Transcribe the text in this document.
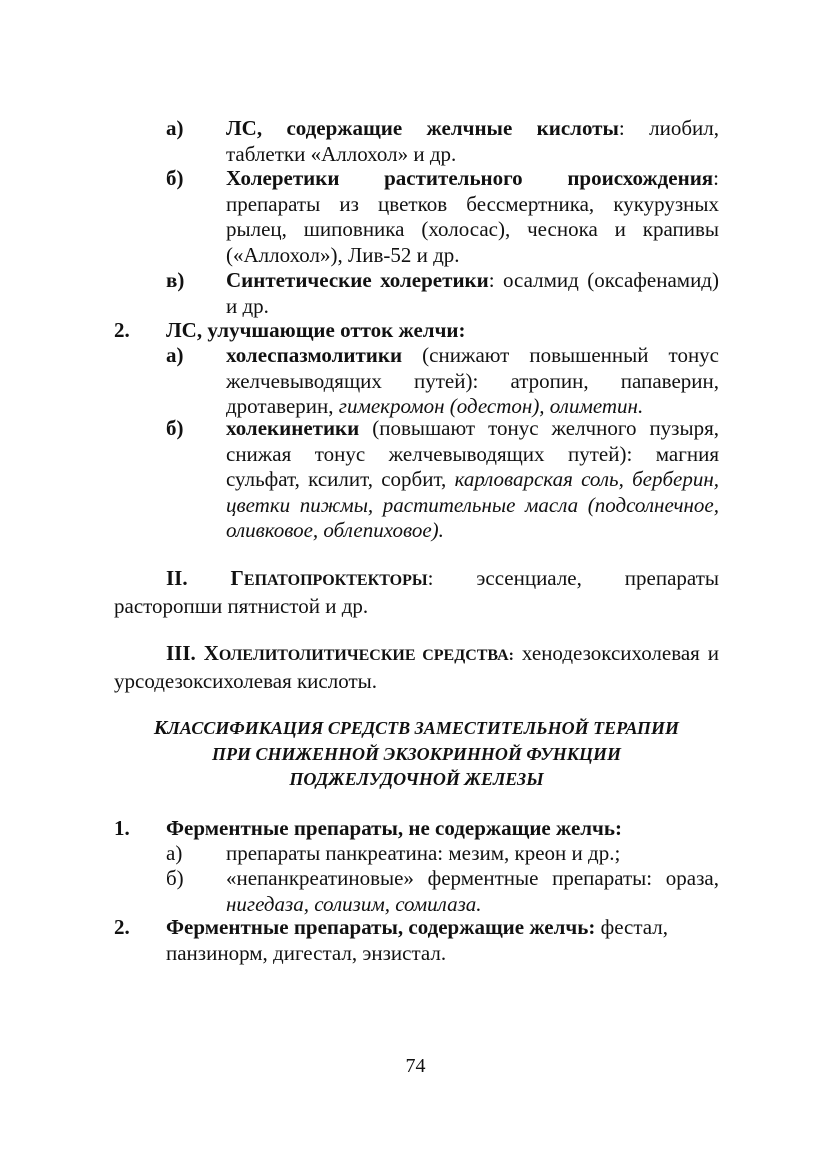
а) ЛС, содержащие желчные кислоты: лиобил, таблетки «Аллохол» и др.
б) Холеретики растительного происхождения: препараты из цветков бессмертника, кукурузных рылец, шиповника (холосас), чеснока и крапивы («Аллохол»), Лив-52 и др.
в) Синтетические холеретики: осалмид (оксафенамид) и др.
2. ЛС, улучшающие отток желчи:
а) холеспазмолитики (снижают повышенный тонус желчевыводящих путей): атропин, папаверин, дротаверин, гимекромон (одестон), олиметин.
б) холекинетики (повышают тонус желчного пузыря, снижая тонус желчевыводящих путей): магния сульфат, ксилит, сорбит, карловарская соль, берберин, цветки пижмы, растительные масла (подсолнечное, оливковое, облепиховое).
II. ГЕПАТОПРОКТЕКТОРЫ: эссенциале, препараты расторопши пятнистой и др.
III. ХОЛЕЛИТОЛИТИЧЕСКИЕ СРЕДСТВА: хенодезоксихолевая и урсодезоксихолевая кислоты.
КЛАССИФИКАЦИЯ СРЕДСТВ ЗАМЕСТИТЕЛЬНОЙ ТЕРАПИИ
ПРИ СНИЖЕННОЙ ЭКЗОКРИННОЙ ФУНКЦИИ
ПОДЖЕЛУДОЧНОЙ ЖЕЛЕЗЫ
1. Ферментные препараты, не содержащие желчь:
а) препараты панкреатина: мезим, креон и др.;
б) «непанкреатиновые» ферментные препараты: ораза, нигедаза, солизим, сомилаза.
2. Ферментные препараты, содержащие желчь: фестал, панзинорм, дигестал, энзистал.
74
